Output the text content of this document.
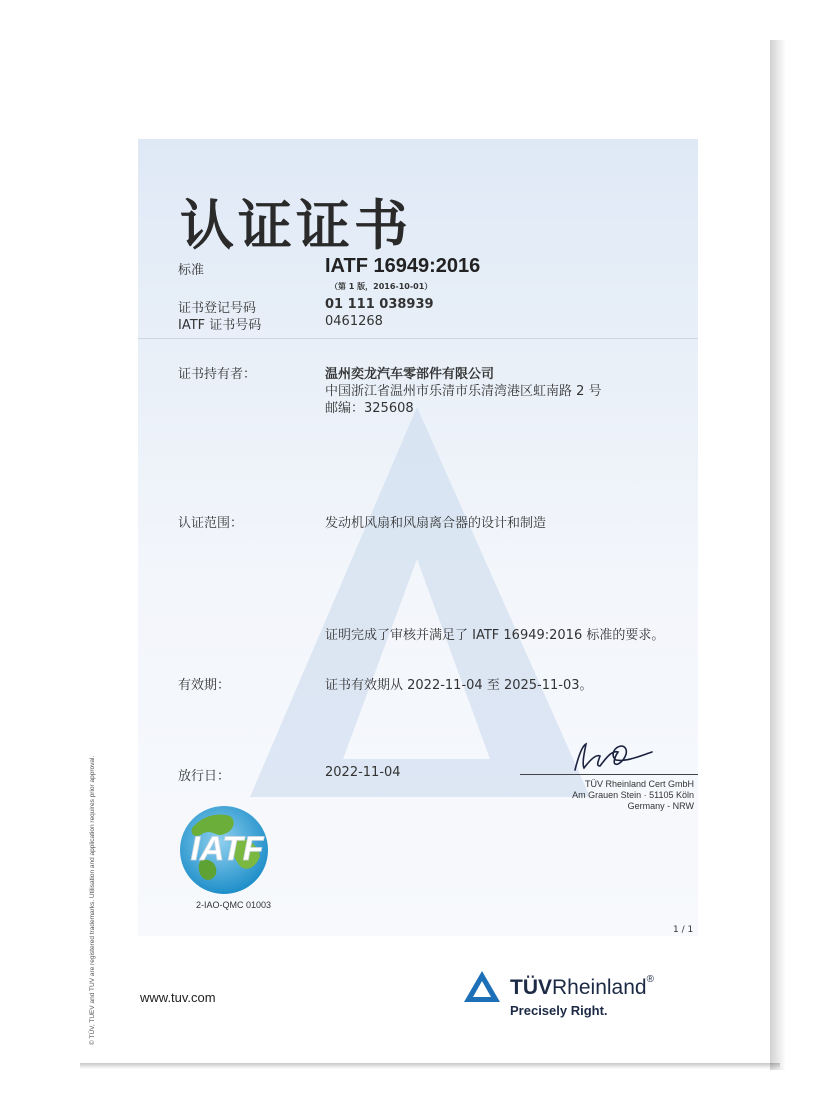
认证证书
标准	IATF 16949:2016
（第 1 版，2016-10-01）
证书登记号码	01 111 038939
IATF 证书号码	0461268
证书持有者：	温州奕龙汽车零部件有限公司
中国浙江省温州市乐清市乐清湾港区虹南路 2 号
邮编：325608
认证范围：	发动机风扇和风扇离合器的设计和制造
证明完成了审核并满足了 IATF 16949:2016 标准的要求。
有效期：	证书有效期从 2022-11-04 至 2025-11-03。
放行日：	2022-11-04
TÜV Rheinland Cert GmbH
Am Grauen Stein · 51105 Köln
Germany - NRW
IATF
2-IAO-QMC 01003
1 / 1
© TÜV, TUEV and TUV are registered trademarks. Utilisation and application requires prior approval.	www.tuv.com	TÜVRheinland®
Precisely Right.
